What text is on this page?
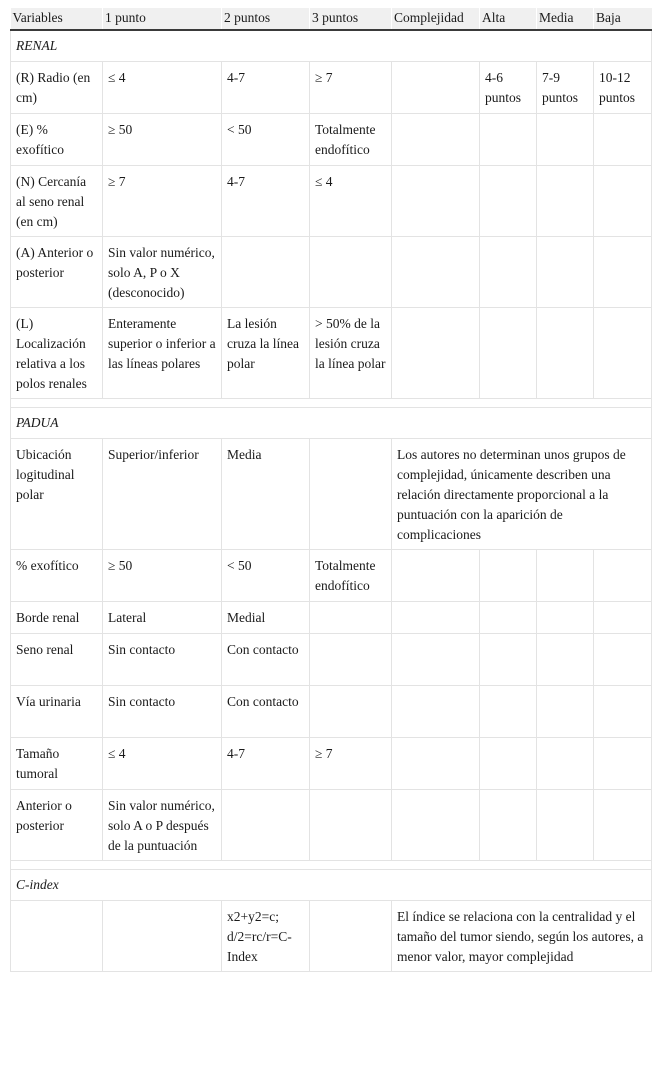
Variables	1 punto	2 puntos	3 puntos	Complejidad	Alta	Media	Baja
RENAL							
(R) Radio (en cm)	≤ 4	4-7	≥ 7		4-6 puntos	7-9 puntos	10-12 puntos
(E) % exofítico	≥ 50	< 50	Totalmente endofítico				
(N) Cercanía al seno renal (en cm)	≥ 7	4-7	≤ 4				
(A) Anterior o posterior	Sin valor numérico, solo A, P o X (desconocido)						
(L) Localización relativa a los polos renales	Enteramente superior o inferior a las líneas polares	La lesión cruza la línea polar	> 50% de la lesión cruza la línea polar				

PADUA							
Ubicación logitudinal polar	Superior/inferior	Media		Los autores no determinan unos grupos de complejidad, únicamente describen una relación directamente proporcional a la puntuación con la aparición de complicaciones			
% exofítico	≥ 50	< 50	Totalmente endofítico				
Borde renal	Lateral	Medial					
Seno renal	Sin contacto	Con contacto					
Vía urinaria	Sin contacto	Con contacto					
Tamaño tumoral	≤ 4	4-7	≥ 7				
Anterior o posterior	Sin valor numérico, solo A o P después de la puntuación						

C-index							
		x2+y2=c; d/2=rc/r=C-Index		El índice se relaciona con la centralidad y el tamaño del tumor siendo, según los autores, a menor valor, mayor complejidad			
